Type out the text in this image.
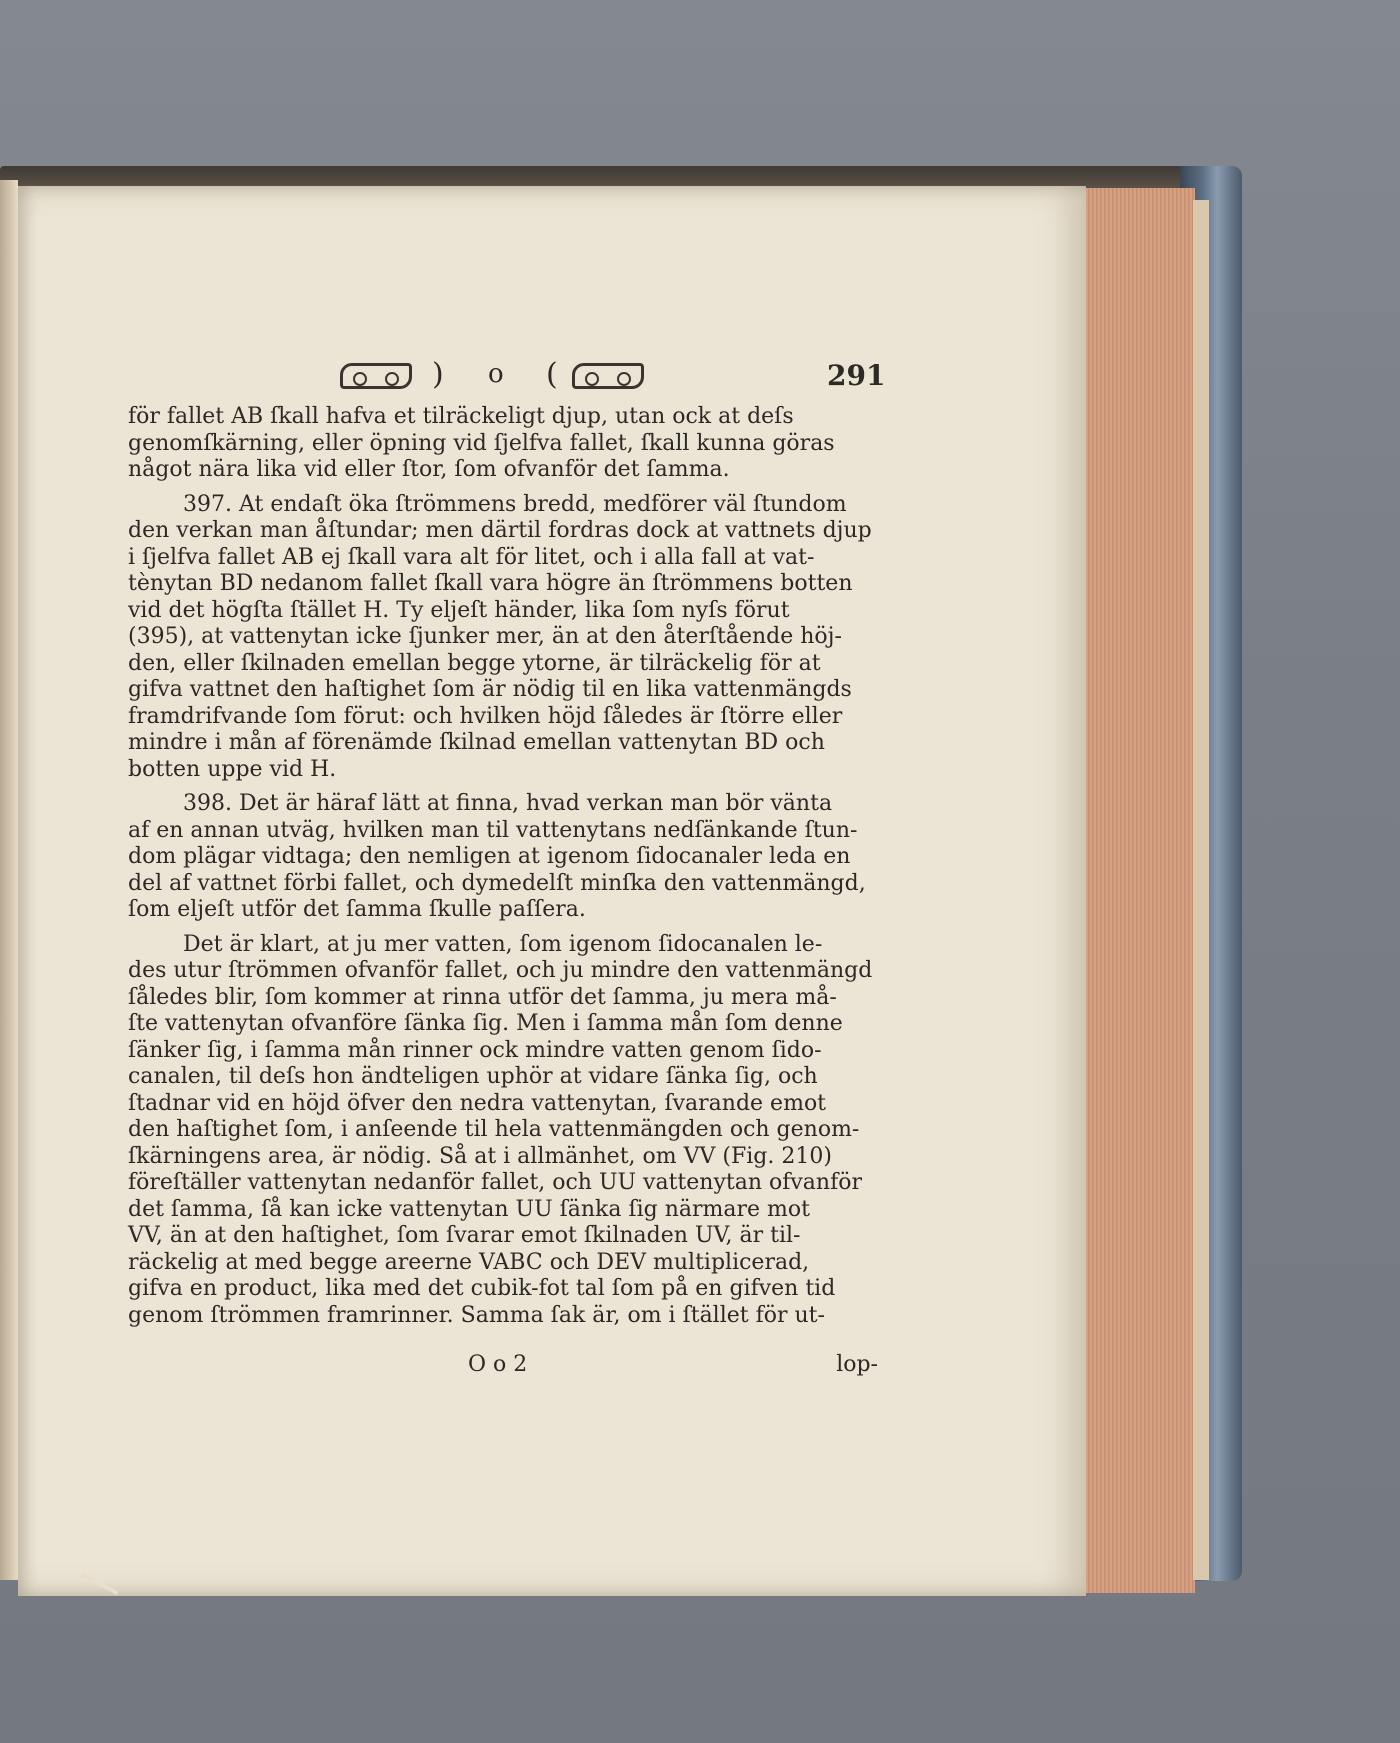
) o (	291
för fallet AB ſkall hafva et tilräckeligt djup, utan ock at deſs
genomſkärning, eller öpning vid ſjelfva fallet, ſkall kunna göras
något nära lika vid eller ſtor, ſom ofvanför det ſamma.
397. At endaſt öka ſtrömmens bredd, medförer väl ſtundom
den verkan man åſtundar; men därtil fordras dock at vattnets djup
i ſjelfva fallet AB ej ſkall vara alt för litet, och i alla fall at vat-
tènytan BD nedanom fallet ſkall vara högre än ſtrömmens botten
vid det högſta ſtället H. Ty eljeſt händer, lika ſom nyſs förut
(395), at vattenytan icke ſjunker mer, än at den återſtående höj-
den, eller ſkilnaden emellan begge ytorne, är tilräckelig för at
gifva vattnet den haſtighet ſom är nödig til en lika vattenmängds
framdrifvande ſom förut: och hvilken höjd ſåledes är ſtörre eller
mindre i mån af förenämde ſkilnad emellan vattenytan BD och
botten uppe vid H.
398. Det är häraf lätt at finna, hvad verkan man bör vänta
af en annan utväg, hvilken man til vattenytans nedſänkande ſtun-
dom plägar vidtaga; den nemligen at igenom ſidocanaler leda en
del af vattnet förbi fallet, och dymedelſt minſka den vattenmängd,
ſom eljeſt utför det ſamma ſkulle paſſera.
Det är klart, at ju mer vatten, ſom igenom ſidocanalen le-
des utur ſtrömmen ofvanför fallet, och ju mindre den vattenmängd
ſåledes blir, ſom kommer at rinna utför det ſamma, ju mera må-
ſte vattenytan ofvanföre ſänka ſig. Men i ſamma mån ſom denne
ſänker ſig, i ſamma mån rinner ock mindre vatten genom ſido-
canalen, til deſs hon ändteligen uphör at vidare ſänka ſig, och
ſtadnar vid en höjd öfver den nedra vattenytan, ſvarande emot
den haſtighet ſom, i anſeende til hela vattenmängden och genom-
ſkärningens area, är nödig. Så at i allmänhet, om VV (Fig. 210)
föreſtäller vattenytan nedanför fallet, och UU vattenytan ofvanför
det ſamma, ſå kan icke vattenytan UU ſänka ſig närmare mot
VV, än at den haſtighet, ſom ſvarar emot ſkilnaden UV, är til-
räckelig at med begge areerne VABC och DEV multiplicerad,
gifva en product, lika med det cubik-fot tal ſom på en gifven tid
genom ſtrömmen framrinner. Samma ſak är, om i ſtället för ut-
O o 2	lop-
